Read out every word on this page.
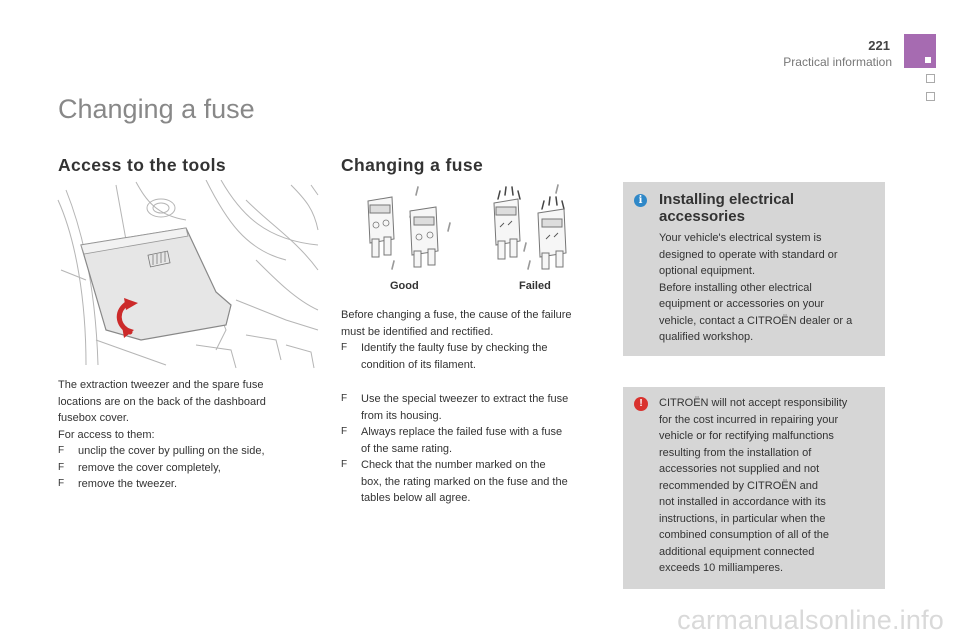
221
Practical information
Changing a fuse
Access to the tools
The extraction tweezer and the spare fuse
locations are on the back of the dashboard
fusebox cover.
For access to them:
F unclip the cover by pulling on the side,
F remove the cover completely,
F remove the tweezer.
Changing a fuse
Good	Failed
Before changing a fuse, the cause of the failure
must be identified and rectified.
F Identify the faulty fuse by checking the
condition of its filament.
F Use the special tweezer to extract the fuse
from its housing.
F Always replace the failed fuse with a fuse
of the same rating.
F Check that the number marked on the
box, the rating marked on the fuse and the
tables below all agree.
i	Installing electrical
accessories
Your vehicle's electrical system is
designed to operate with standard or
optional equipment.
Before installing other electrical
equipment or accessories on your
vehicle, contact a CITROËN dealer or a
qualified workshop.
!	CITROËN will not accept responsibility
for the cost incurred in repairing your
vehicle or for rectifying malfunctions
resulting from the installation of
accessories not supplied and not
recommended by CITROËN and
not installed in accordance with its
instructions, in particular when the
combined consumption of all of the
additional equipment connected
exceeds 10 milliamperes.
carmanualsonline.info
